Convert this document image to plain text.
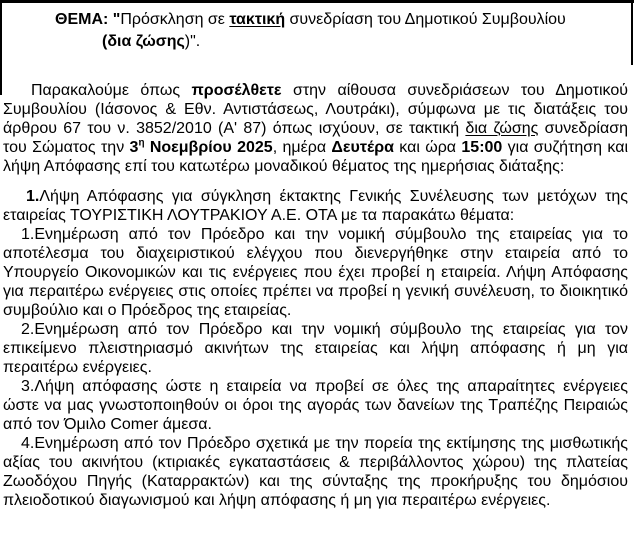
ΘΕΜΑ: "Πρόσκληση σε τακτική συνεδρίαση του Δημοτικού Συμβουλίου
(δια ζώσης)".

Παρακαλούμε όπως προσέλθετε στην αίθουσα συνεδριάσεων του Δημοτικού Συμβουλίου (Ιάσονος & Εθν. Αντιστάσεως, Λουτράκι), σύμφωνα με τις διατάξεις του άρθρου 67 του ν. 3852/2010 (Α' 87) όπως ισχύουν, σε τακτική δια ζώσης συνεδρίαση του Σώματος την $3^\eta$ Νοεμβρίου 2025, ημέρα Δευτέρα και ώρα 15:00 για συζήτηση και λήψη Απόφασης επί του κατωτέρω μοναδικού θέματος της ημερήσιας διάταξης:

1.Λήψη Απόφασης για σύγκληση έκτακτης Γενικής Συνέλευσης των μετόχων της εταιρείας ΤΟΥΡΙΣΤΙΚΗ ΛΟΥΤΡΑΚΙΟΥ Α.Ε. ΟΤΑ με τα παρακάτω θέματα:

1.Ενημέρωση από τον Πρόεδρο και την νομική σύμβουλο της εταιρείας για το αποτέλεσμα του διαχειριστικού ελέγχου που διενεργήθηκε στην εταιρεία από το Υπουργείο Οικονομικών και τις ενέργειες που έχει προβεί η εταιρεία. Λήψη Απόφασης για περαιτέρω ενέργειες στις οποίες πρέπει να προβεί η γενική συνέλευση, το διοικητικό συμβούλιο και ο Πρόεδρος της εταιρείας.

2.Ενημέρωση από τον Πρόεδρο και την νομική σύμβουλο της εταιρείας για τον επικείμενο πλειστηριασμό ακινήτων της εταιρείας και λήψη απόφασης ή μη για περαιτέρω ενέργειες.

3.Λήψη απόφασης ώστε η εταιρεία να προβεί σε όλες της απαραίτητες ενέργειες ώστε να μας γνωστοποιηθούν οι όροι της αγοράς των δανείων της Τραπέζης Πειραιώς από τον Όμιλο Comer άμεσα.

4.Ενημέρωση από τον Πρόεδρο σχετικά με την πορεία της εκτίμησης της μισθωτικής αξίας του ακινήτου (κτιριακές εγκαταστάσεις & περιβάλλοντος χώρου) της πλατείας Ζωοδόχου Πηγής (Καταρρακτών) και της σύνταξης της προκήρυξης του δημόσιου πλειοδοτικού διαγωνισμού και λήψη απόφασης ή μη για περαιτέρω ενέργειες.
